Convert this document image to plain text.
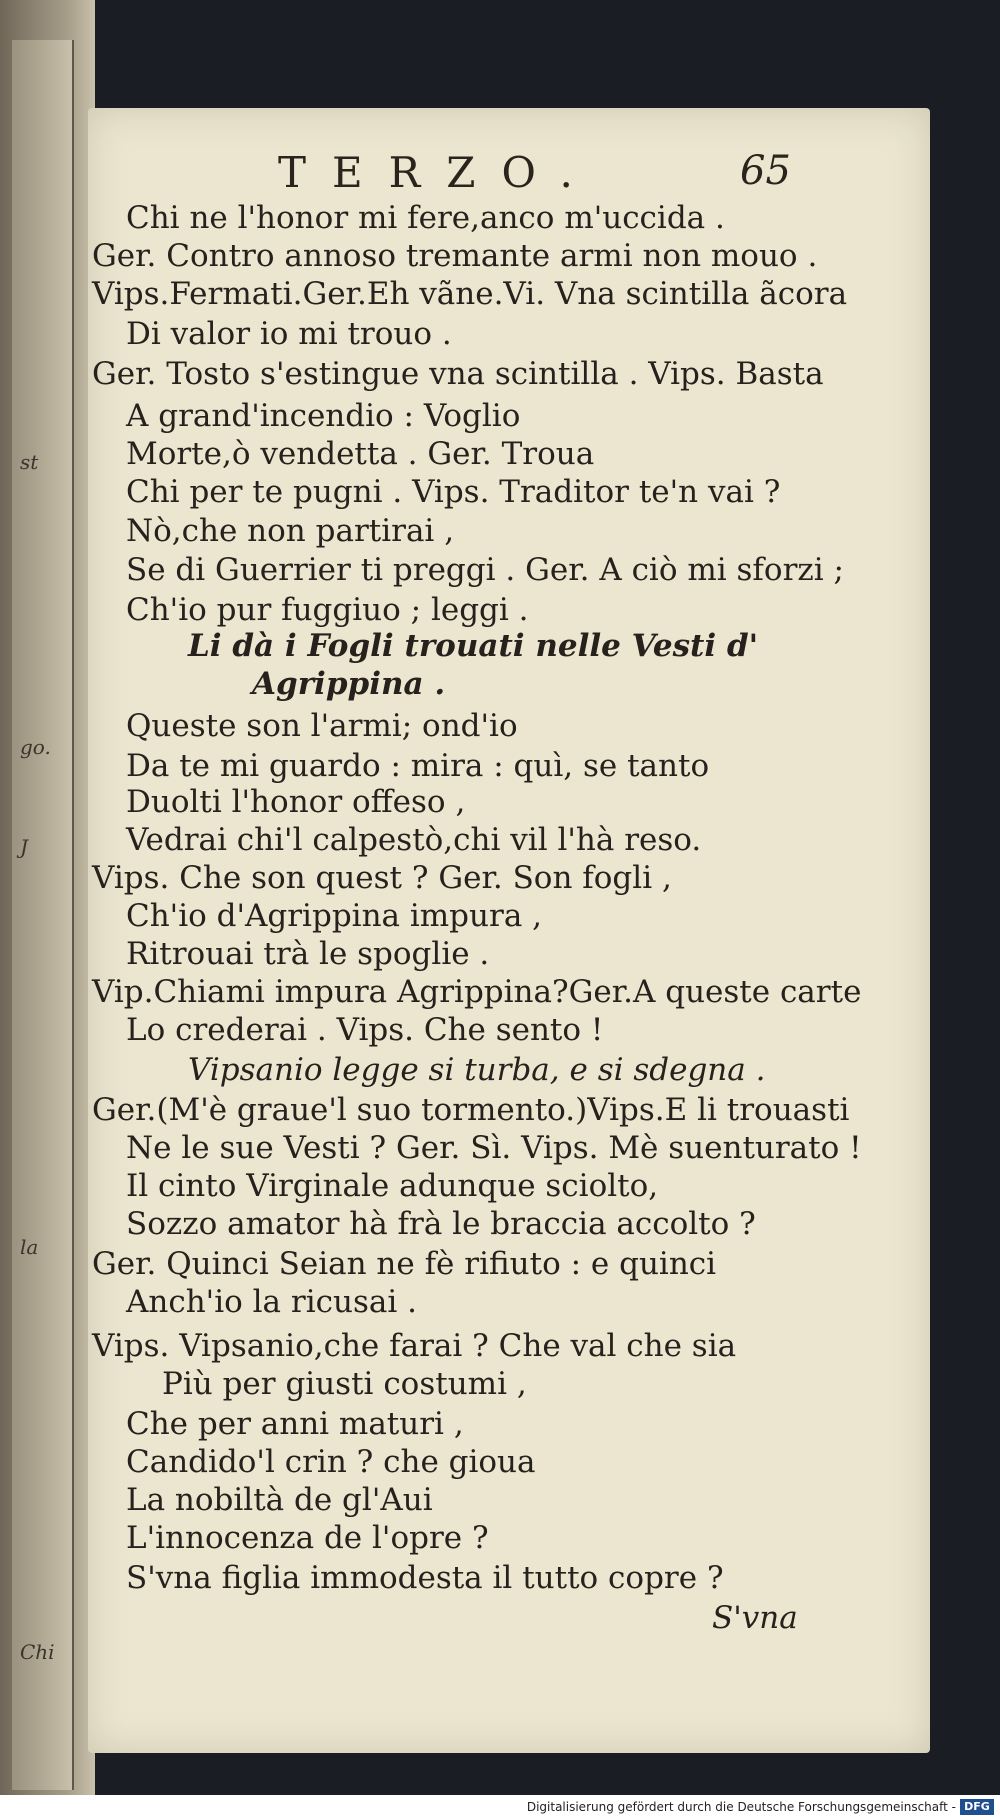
st
go.
J
la
Chi
TERZO.	65
Chi ne l'honor mi fere,anco m'uccida .
Ger. Contro annoso tremante armi non mouo .
Vips.Fermati.Ger.Eh vãne.Vi. Vna scintilla ãcora
Di valor io mi trouo .
Ger. Tosto s'estingue vna scintilla . Vips. Basta
A grand'incendio : Voglio
Morte,ò vendetta . Ger. Troua
Chi per te pugni . Vips. Traditor te'n vai ?
Nò,che non partirai ,
Se di Guerrier ti preggi . Ger. A ciò mi sforzi ;
Ch'io pur fuggiuo ; leggi .
Li dà i Fogli trouati nelle Vesti d'
Agrippina .
Queste son l'armi; ond'io
Da te mi guardo : mira : quì, se tanto
Duolti l'honor offeso ,
Vedrai chi'l calpestò,chi vil l'hà reso.
Vips. Che son quest ? Ger. Son fogli ,
Ch'io d'Agrippina impura ,
Ritrouai trà le spoglie .
Vip.Chiami impura Agrippina?Ger.A queste carte
Lo crederai . Vips. Che sento !
Vipsanio legge si turba, e si sdegna .
Ger.(M'è graue'l suo tormento.)Vips.E li trouasti
Ne le sue Vesti ? Ger. Sì. Vips. Mè suenturato !
Il cinto Virginale adunque sciolto,
Sozzo amator hà frà le braccia accolto ?
Ger. Quinci Seian ne fè rifiuto : e quinci
Anch'io la ricusai .
Vips. Vipsanio,che farai ? Che val che sia
Più per giusti costumi ,
Che per anni maturi ,
Candido'l crin ? che gioua
La nobiltà de gl'Aui
L'innocenza de l'opre ?
S'vna figlia immodesta il tutto copre ?
S'vna
Digitalisierung gefördert durch die Deutsche Forschungsgemeinschaft - DFG
